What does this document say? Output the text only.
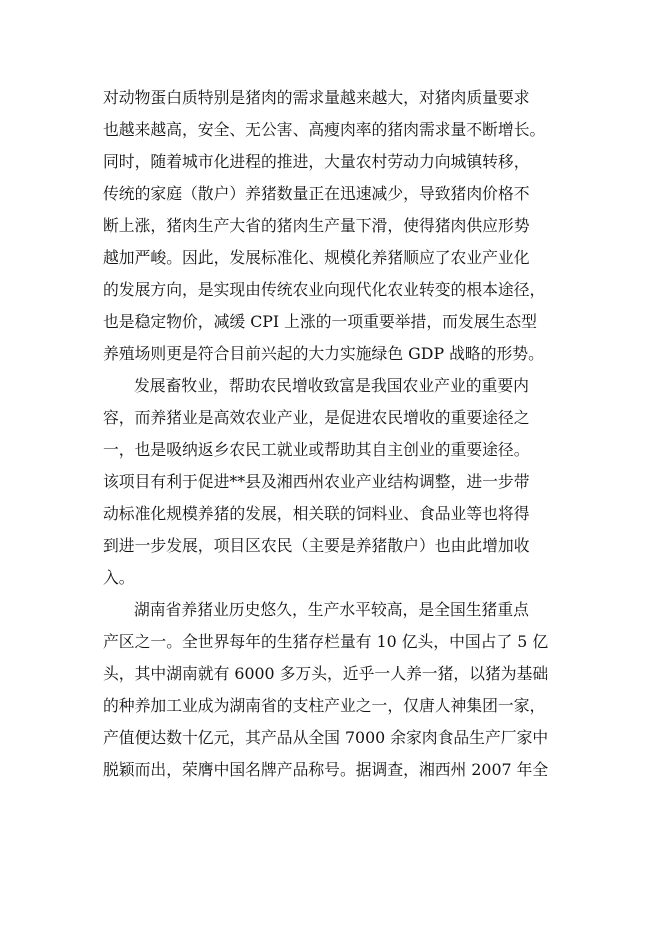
对动物蛋白质特别是猪肉的需求量越来越大，对猪肉质量要求
也越来越高，安全、无公害、高瘦肉率的猪肉需求量不断增长。
同时，随着城市化进程的推进，大量农村劳动力向城镇转移，
传统的家庭（散户）养猪数量正在迅速减少，导致猪肉价格不
断上涨，猪肉生产大省的猪肉生产量下滑，使得猪肉供应形势
越加严峻。因此，发展标准化、规模化养猪顺应了农业产业化
的发展方向，是实现由传统农业向现代化农业转变的根本途径，
也是稳定物价，减缓 CPI 上涨的一项重要举措，而发展生态型
养殖场则更是符合目前兴起的大力实施绿色 GDP 战略的形势。
发展畜牧业，帮助农民增收致富是我国农业产业的重要内
容，而养猪业是高效农业产业，是促进农民增收的重要途径之
一，也是吸纳返乡农民工就业或帮助其自主创业的重要途径。
该项目有利于促进**县及湘西州农业产业结构调整，进一步带
动标准化规模养猪的发展，相关联的饲料业、食品业等也将得
到进一步发展，项目区农民（主要是养猪散户）也由此增加收
入。
湖南省养猪业历史悠久，生产水平较高，是全国生猪重点
产区之一。全世界每年的生猪存栏量有 10 亿头，中国占了 5 亿
头，其中湖南就有 6000 多万头，近乎一人养一猪，以猪为基础
的种养加工业成为湖南省的支柱产业之一，仅唐人神集团一家，
产值便达数十亿元，其产品从全国 7000 余家肉食品生产厂家中
脱颖而出，荣膺中国名牌产品称号。据调查，湘西州 2007 年全
